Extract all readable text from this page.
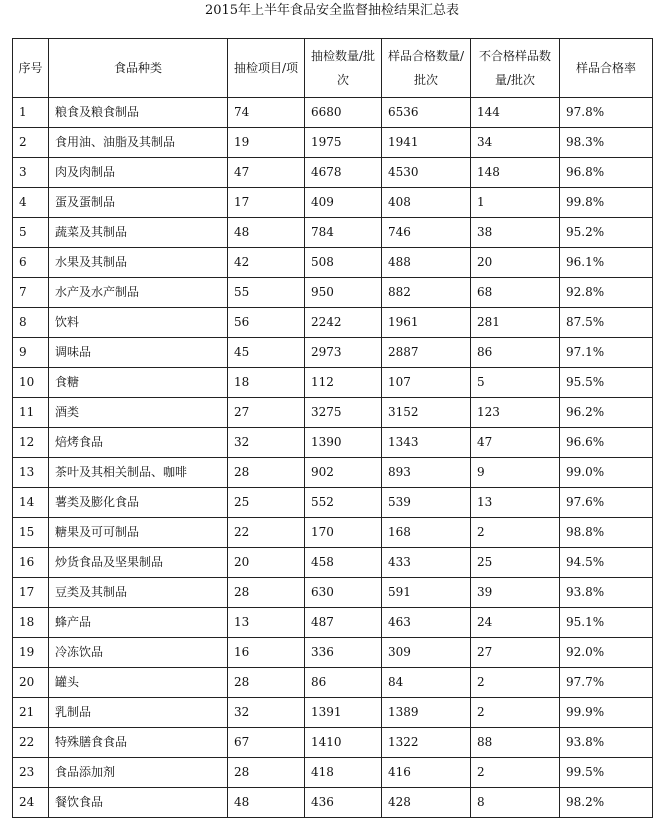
2015年上半年食品安全监督抽检结果汇总表
序号	食品种类	抽检项目/项	抽检数量/批次	样品合格数量/批次	不合格样品数量/批次	样品合格率
1	粮食及粮食制品	74	6680	6536	144	97.8%
2	食用油、油脂及其制品	19	1975	1941	34	98.3%
3	肉及肉制品	47	4678	4530	148	96.8%
4	蛋及蛋制品	17	409	408	1	99.8%
5	蔬菜及其制品	48	784	746	38	95.2%
6	水果及其制品	42	508	488	20	96.1%
7	水产及水产制品	55	950	882	68	92.8%
8	饮料	56	2242	1961	281	87.5%
9	调味品	45	2973	2887	86	97.1%
10	食糖	18	112	107	5	95.5%
11	酒类	27	3275	3152	123	96.2%
12	焙烤食品	32	1390	1343	47	96.6%
13	茶叶及其相关制品、咖啡	28	902	893	9	99.0%
14	薯类及膨化食品	25	552	539	13	97.6%
15	糖果及可可制品	22	170	168	2	98.8%
16	炒货食品及坚果制品	20	458	433	25	94.5%
17	豆类及其制品	28	630	591	39	93.8%
18	蜂产品	13	487	463	24	95.1%
19	冷冻饮品	16	336	309	27	92.0%
20	罐头	28	86	84	2	97.7%
21	乳制品	32	1391	1389	2	99.9%
22	特殊膳食食品	67	1410	1322	88	93.8%
23	食品添加剂	28	418	416	2	99.5%
24	餐饮食品	48	436	428	8	98.2%
